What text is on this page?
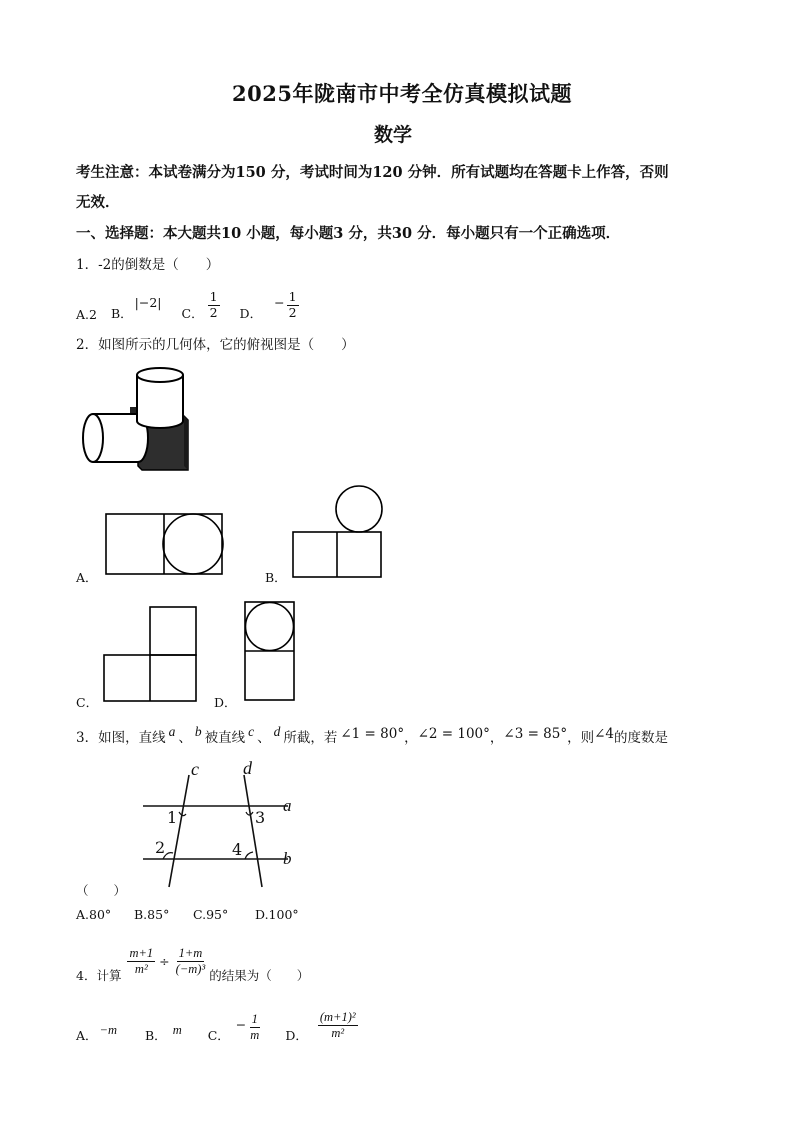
2025年陇南市中考全仿真模拟试题
数学
考生注意：本试卷满分为150 分，考试时间为120 分钟．所有试题均在答题卡上作答，否则
无效．
一、选择题：本大题共10 小题，每小题3 分，共30 分．每小题只有一个正确选项．
1．-2的倒数是（　　）
A.2 B．
|−2|
C． $\frac{1}{2}$ D．
− $\frac{1}{2}$
2．如图所示的几何体，它的俯视图是（　　）
A．	B．
C．	D．
3．如图，直线 a 、 b 被直线 c 、 d 所截，若 ∠1 = 80° ， ∠2 = 100° ， ∠3 = 85° ，则 ∠4 的度数是
c d
a
b
1
2
3
4
（　　）
A.80°	B.85°	C.95°	D.100°
4．计算 $\frac{m+1}{\text{m²}} \div \frac{1+m}{\text{(−m)³}}$ 的结果为（　　）
A． −m B． m C．
− $\frac{1}{m}$ D． $\frac{\text{(m+1)²}}{\text{m²}}$
